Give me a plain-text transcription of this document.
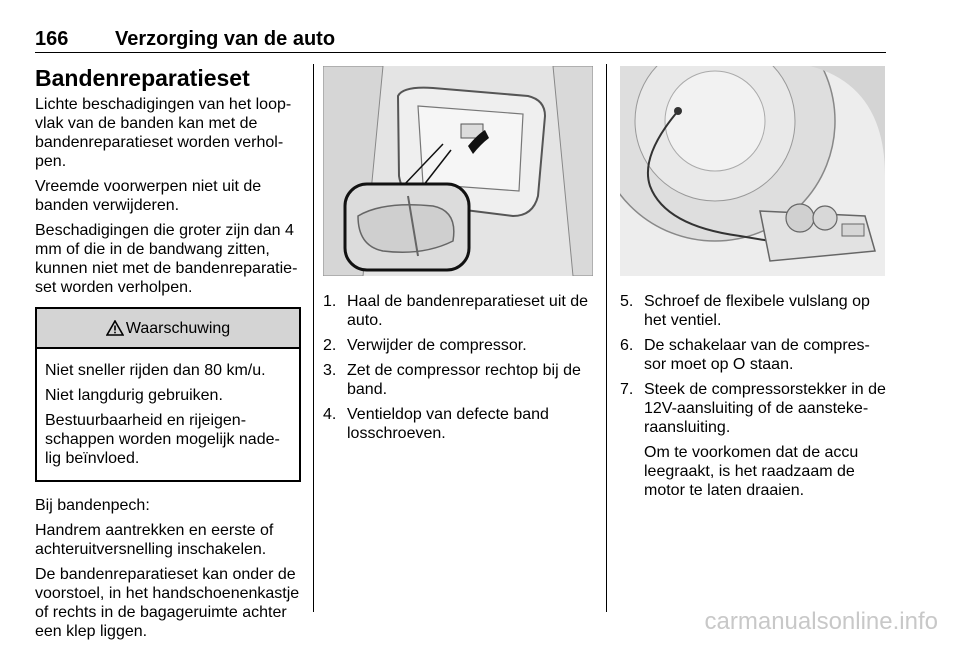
166 Verzorging van de auto
Bandenreparatieset
Lichte beschadigingen van het loop-vlak van de banden kan met de bandenreparatieset worden verhol-pen.
Vreemde voorwerpen niet uit de banden verwijderen.
Beschadigingen die groter zijn dan 4 mm of die in de bandwang zitten, kunnen niet met de bandenreparatie-set worden verholpen.
Waarschuwing
Niet sneller rijden dan 80 km/u.
Niet langdurig gebruiken.
Bestuurbaarheid en rijeigen-schappen worden mogelijk nade-lig beïnvloed.
Bij bandenpech:
Handrem aantrekken en eerste of achteruitversnelling inschakelen.
De bandenreparatieset kan onder de voorstoel, in het handschoenenkastje of rechts in de bagageruimte achter een klep liggen.
1. Haal de bandenreparatieset uit de auto.
2. Verwijder de compressor.
3. Zet de compressor rechtop bij de band.
4. Ventieldop van defecte band losschroeven.
5. Schroef de flexibele vulslang op het ventiel.
6. De schakelaar van de compres-sor moet op O staan.
7. Steek de compressorstekker in de 12V-aansluiting of de aansteke-raansluiting.
Om te voorkomen dat de accu leegraakt, is het raadzaam de motor te laten draaien.
carmanualsonline.info
